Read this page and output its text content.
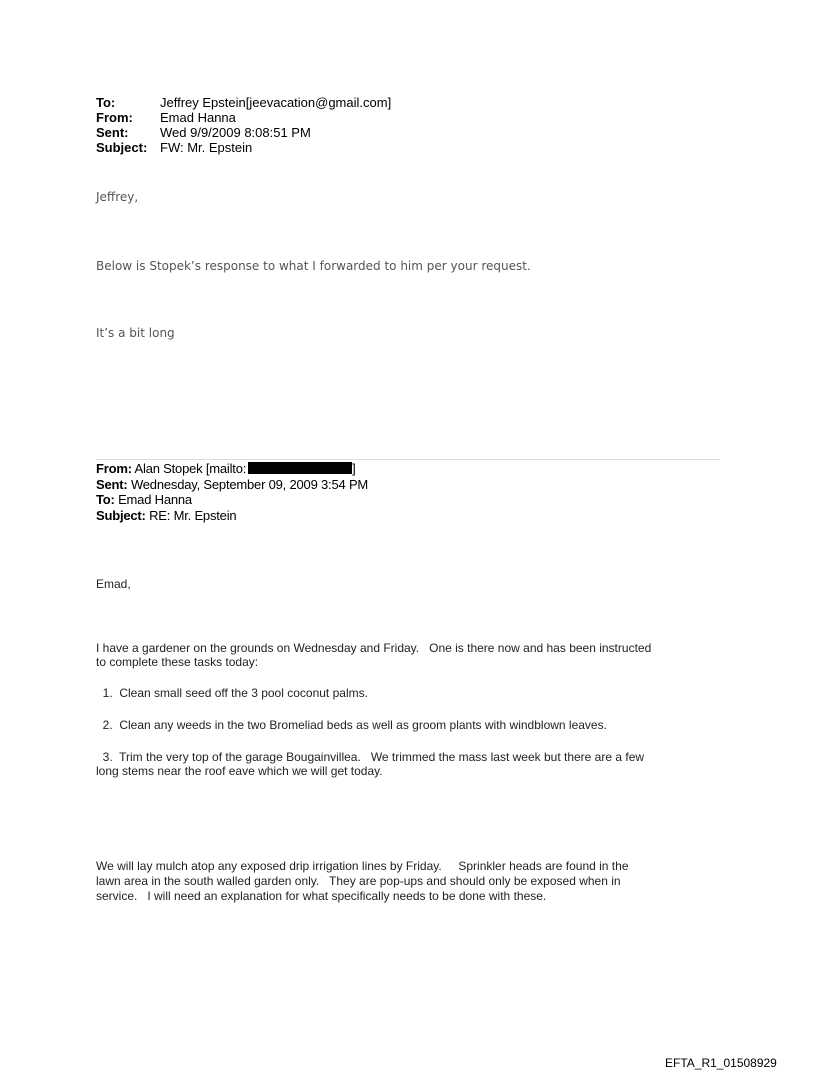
To:	Jeffrey Epstein[jeevacation@gmail.com]
From:	Emad Hanna
Sent:	Wed 9/9/2009 8:08:51 PM
Subject: FW: Mr. Epstein
Jeffrey,
Below is Stopek’s response to what I forwarded to him per your request.
It’s a bit long
From: Alan Stopek [mailto:	]
Sent: Wednesday, September 09, 2009 3:54 PM
To: Emad Hanna
Subject: RE: Mr. Epstein
Emad,
I have a gardener on the grounds on Wednesday and Friday.   One is there now and has been instructed
to complete these tasks today:
1.  Clean small seed off the 3 pool coconut palms.
2.  Clean any weeds in the two Bromeliad beds as well as groom plants with windblown leaves.
3.  Trim the very top of the garage Bougainvillea.   We trimmed the mass last week but there are a few
long stems near the roof eave which we will get today.
We will lay mulch atop any exposed drip irrigation lines by Friday.     Sprinkler heads are found in the
lawn area in the south walled garden only.   They are pop-ups and should only be exposed when in
service.   I will need an explanation for what specifically needs to be done with these.
EFTA_R1_01508929
